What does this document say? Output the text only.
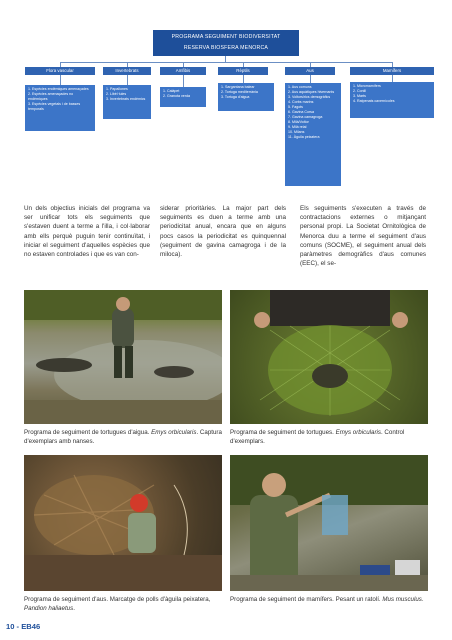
PROGRAMA SEGUIMENT BIODIVERSITAT
RESERVA BIOSFERA MENORCA
Flora vascular	Invertebrats	Amfibis	Rèptils	Aus	Mamífers
1. Espècies endèmiques amenaçades
2. Espècies amenaçades no endèmiques
3. Espècies vegetals i de basses temporals
1. Papallones
2. Libèl·lules
3. Invertebrats endèmics
1. Calàpet
2. Granota verda
1. Sargantana balear
2. Tortuga mediterrània
3. Tortuga d'aigua
1. Aus comuns
2. Aus aquàtiques hivernants
3. Voltors/rics demogràfics
4. Corbs marins
5. Fagots
6. Gavina Corsa
7. Gavina camagroga
8. Milà/Voltor
9. Milà reial
10. Milans
11. Àguila peixatera
1. Micromamífers
2. Conill
3. Marts
4. Ratpenats cavernícoles

Un dels objectius inicials del programa va ser unificar tots els seguiments que s'estaven duent a terme a l'illa, i col·laborar amb ells perquè puguin tenir continuïtat, i iniciar el seguiment d'aquelles espècies que no estaven controlades i que es van con-

siderar prioritàries. La major part dels seguiments es duen a terme amb una periodicitat anual, encara que en alguns pocs casos la periodicitat es quinquennal (seguiment de gavina camagroga i de la miloca).

Els seguiments s'executen a través de contractacions externes o mitjançant personal propi. La Societat Ornitològica de Menorca duu a terme el seguiment d'aus comuns (SOCME), el seguiment anual dels paràmetres demogràfics d'aus comunes (EEC), el se-

Programa de seguiment de tortugues d'aigua. Emys orbicularis. Captura d'exemplars amb nanses.

Programa de seguiment de tortugues. Emys orbicularis. Control d'exemplars.

Programa de seguiment d'aus. Marcatge de polls d'àguila peixatera, Pandion haliaetus.

Programa de seguiment de mamífers. Pesant un ratolí. Mus musculus.

10 - EB46
